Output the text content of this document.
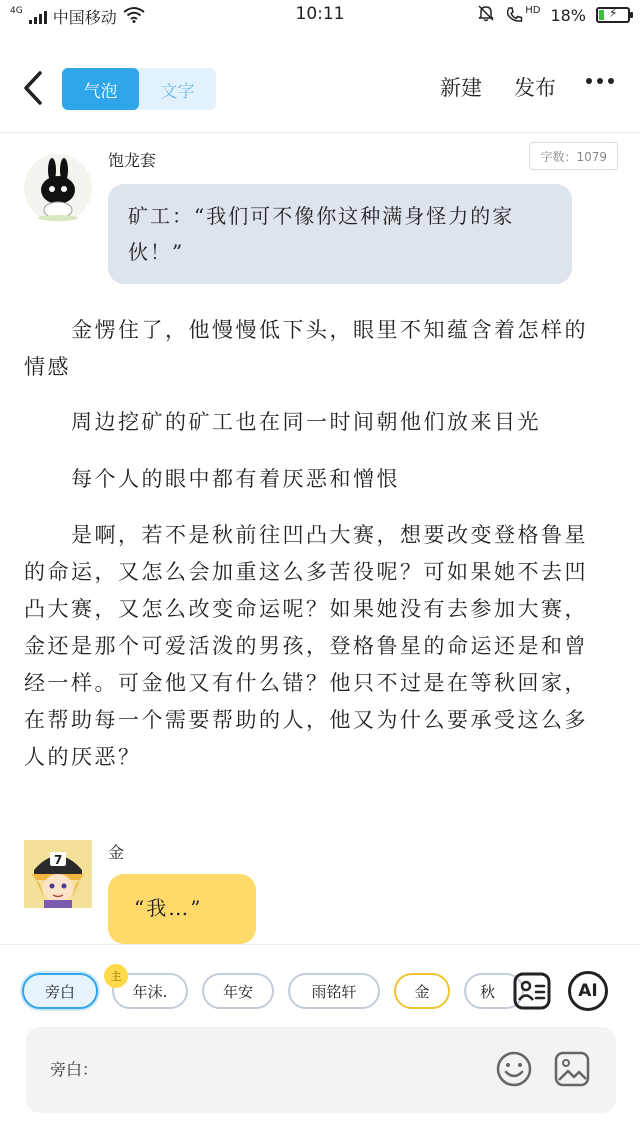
4G 中国移动	10:11	HD 18% ⚡
气泡	文字	新建 发布
饱龙套	字数：1079
矿工：“我们可不像你这种满身怪力的家伙！”
　　金愣住了，他慢慢低下头，眼里不知蕴含着怎样的情感
　　周边挖矿的矿工也在同一时间朝他们放来目光
　　每个人的眼中都有着厌恶和憎恨
　　是啊，若不是秋前往凹凸大赛，想要改变登格鲁星的命运，又怎么会加重这么多苦役呢？可如果她不去凹凸大赛，又怎么改变命运呢？如果她没有去参加大赛，金还是那个可爱活泼的男孩，登格鲁星的命运还是和曾经一样。可金他又有什么错？他只不过是在等秋回家，在帮助每一个需要帮助的人，他又为什么要承受这么多人的厌恶？
7	金
“我…”
旁白	年沫.	年安	雨铭轩	金	秋	AI
旁白：
主
